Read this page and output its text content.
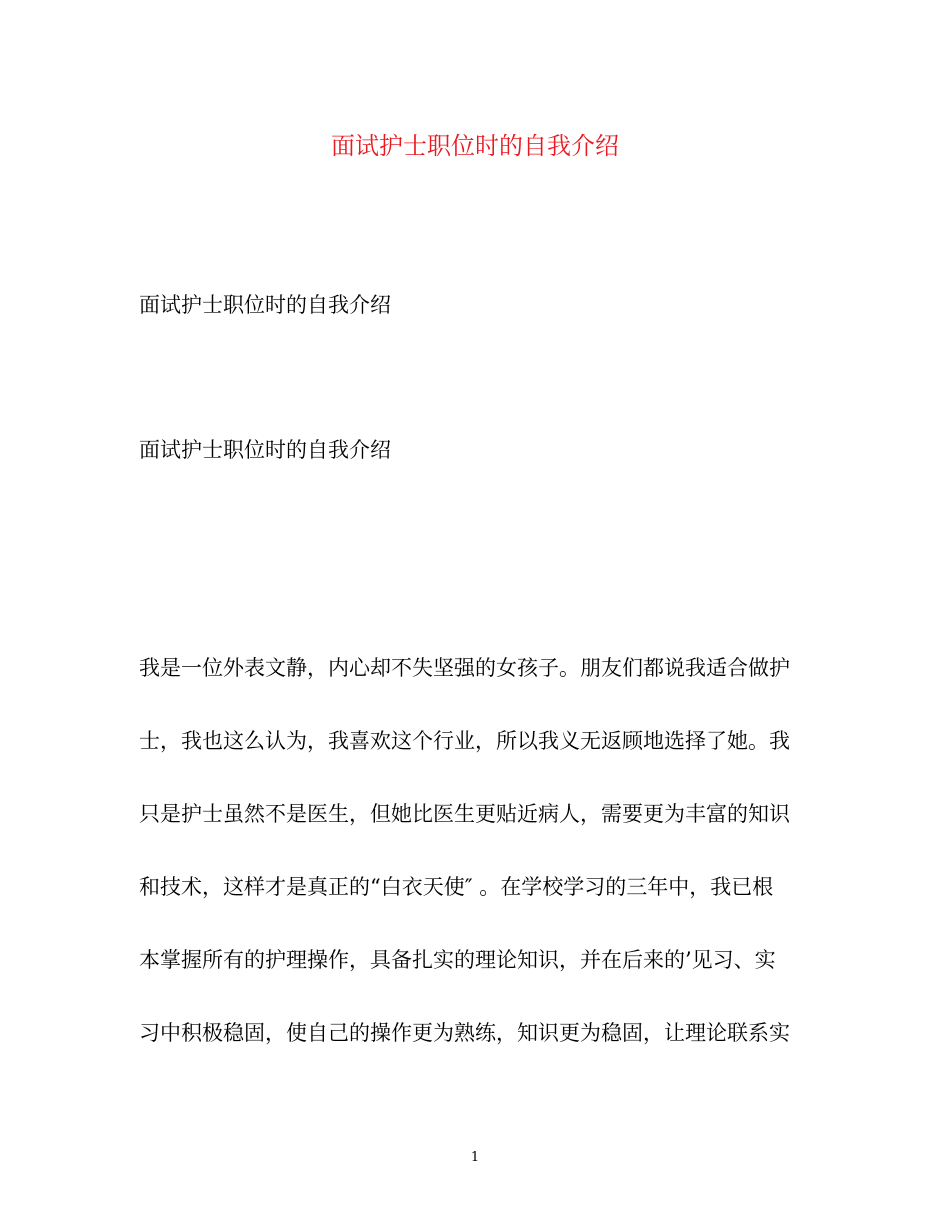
面试护士职位时的自我介绍
面试护士职位时的自我介绍
面试护士职位时的自我介绍
我是一位外表文静，内心却不失坚强的女孩子。朋友们都说我适合做护
士，我也这么认为，我喜欢这个行业，所以我义无返顾地选择了她。我
只是护士虽然不是医生，但她比医生更贴近病人，需要更为丰富的知识
和技术，这样才是真正的“白衣天使″ 。在学校学习的三年中，我已根
本掌握所有的护理操作，具备扎实的理论知识，并在后来的’见习、实
习中积极稳固，使自己的操作更为熟练，知识更为稳固，让理论联系实
1
